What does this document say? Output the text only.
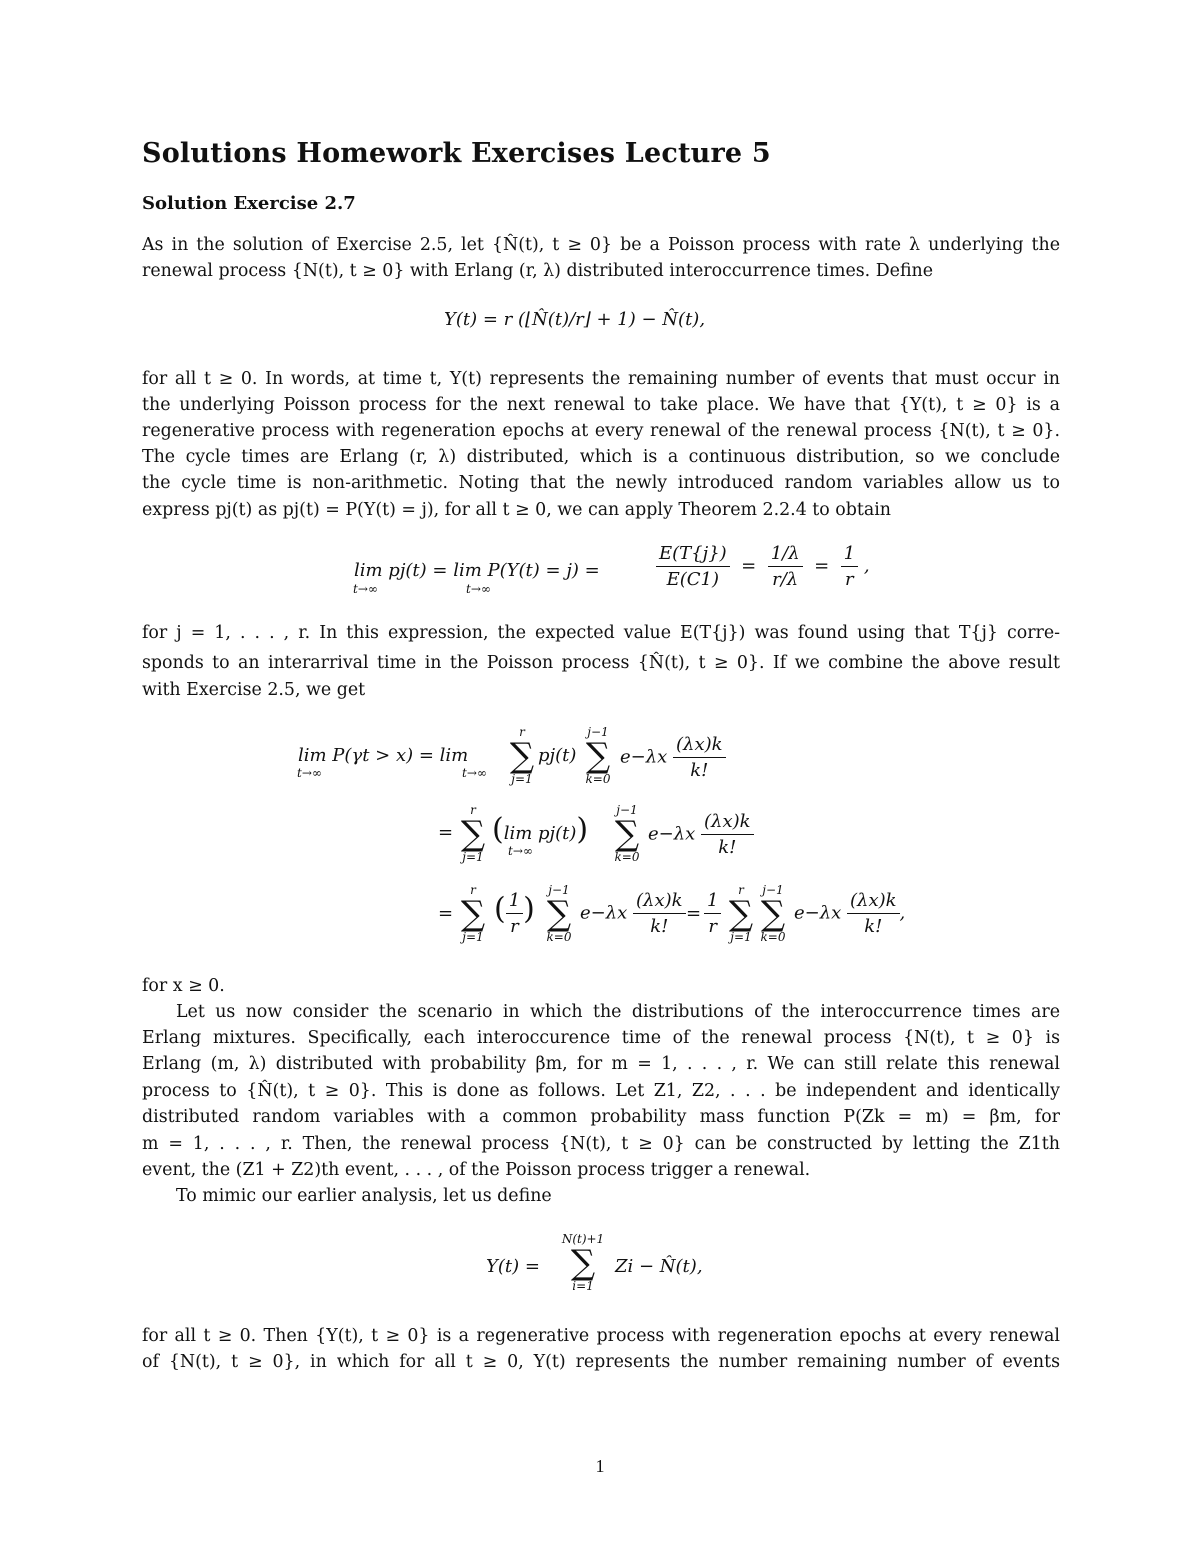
Solutions Homework Exercises Lecture 5
Solution Exercise 2.7
As in the solution of Exercise 2.5, let {N̂(t), t ≥ 0} be a Poisson process with rate λ underlying the
renewal process {N(t), t ≥ 0} with Erlang (r, λ) distributed interoccurrence times. Define
Y(t) = r (⌊N̂(t)/r⌋ + 1) − N̂(t),
for all t ≥ 0. In words, at time t, Y(t) represents the remaining number of events that must occur in
the underlying Poisson process for the next renewal to take place. We have that {Y(t), t ≥ 0} is a
regenerative process with regeneration epochs at every renewal of the renewal process {N(t), t ≥ 0}.
The cycle times are Erlang (r, λ) distributed, which is a continuous distribution, so we conclude
the cycle time is non-arithmetic. Noting that the newly introduced random variables allow us to
express pj(t) as pj(t) = P(Y(t) = j), for all t ≥ 0, we can apply Theorem 2.2.4 to obtain
lim pj(t) = lim P(Y(t) = j) =
t→∞	t→∞	$\frac{E(T\{j\})}{E(C1)} = \frac{1/\lambda}{r/\lambda} = \frac{1}{r}$ ,
for j = 1, . . . , r. In this expression, the expected value E(T{j}) was found using that T{j} corre-
sponds to an interarrival time in the Poisson process {N̂(t), t ≥ 0}. If we combine the above result
with Exercise 2.5, we get
lim P(γt > x) = lim
t→∞	t→∞
r
∑
j=1
pj(t)
j−1
∑
k=0
$e-\lambda x \frac{(\lambda x)k}{k!}$
=
r
∑
j=1
(lim pj(t))
t→∞
j−1
∑
k=0
$e-\lambda x \frac{(\lambda x)k}{k!}$
=
r
∑
j=1
( $\frac{1}{r}$ )
j−1
∑
k=0
$e-\lambda x \frac{(\lambda x)k}{k!} = \frac{1}{r}$	r
∑
j=1
j−1
∑
k=0
$e-\lambda x \frac{(\lambda x)k}{k!}$ ,
for x ≥ 0.
Let us now consider the scenario in which the distributions of the interoccurrence times are
Erlang mixtures. Specifically, each interoccurence time of the renewal process {N(t), t ≥ 0} is
Erlang (m, λ) distributed with probability βm, for m = 1, . . . , r. We can still relate this renewal
process to {N̂(t), t ≥ 0}. This is done as follows. Let Z1, Z2, . . . be independent and identically
distributed random variables with a common probability mass function P(Zk = m) = βm, for
m = 1, . . . , r. Then, the renewal process {N(t), t ≥ 0} can be constructed by letting the Z1th
event, the (Z1 + Z2)th event, . . . , of the Poisson process trigger a renewal.
To mimic our earlier analysis, let us define
Y(t) =
N(t)+1
∑
i=1
Zi − N̂(t),
for all t ≥ 0. Then {Y(t), t ≥ 0} is a regenerative process with regeneration epochs at every renewal
of {N(t), t ≥ 0}, in which for all t ≥ 0, Y(t) represents the number remaining number of events
1
